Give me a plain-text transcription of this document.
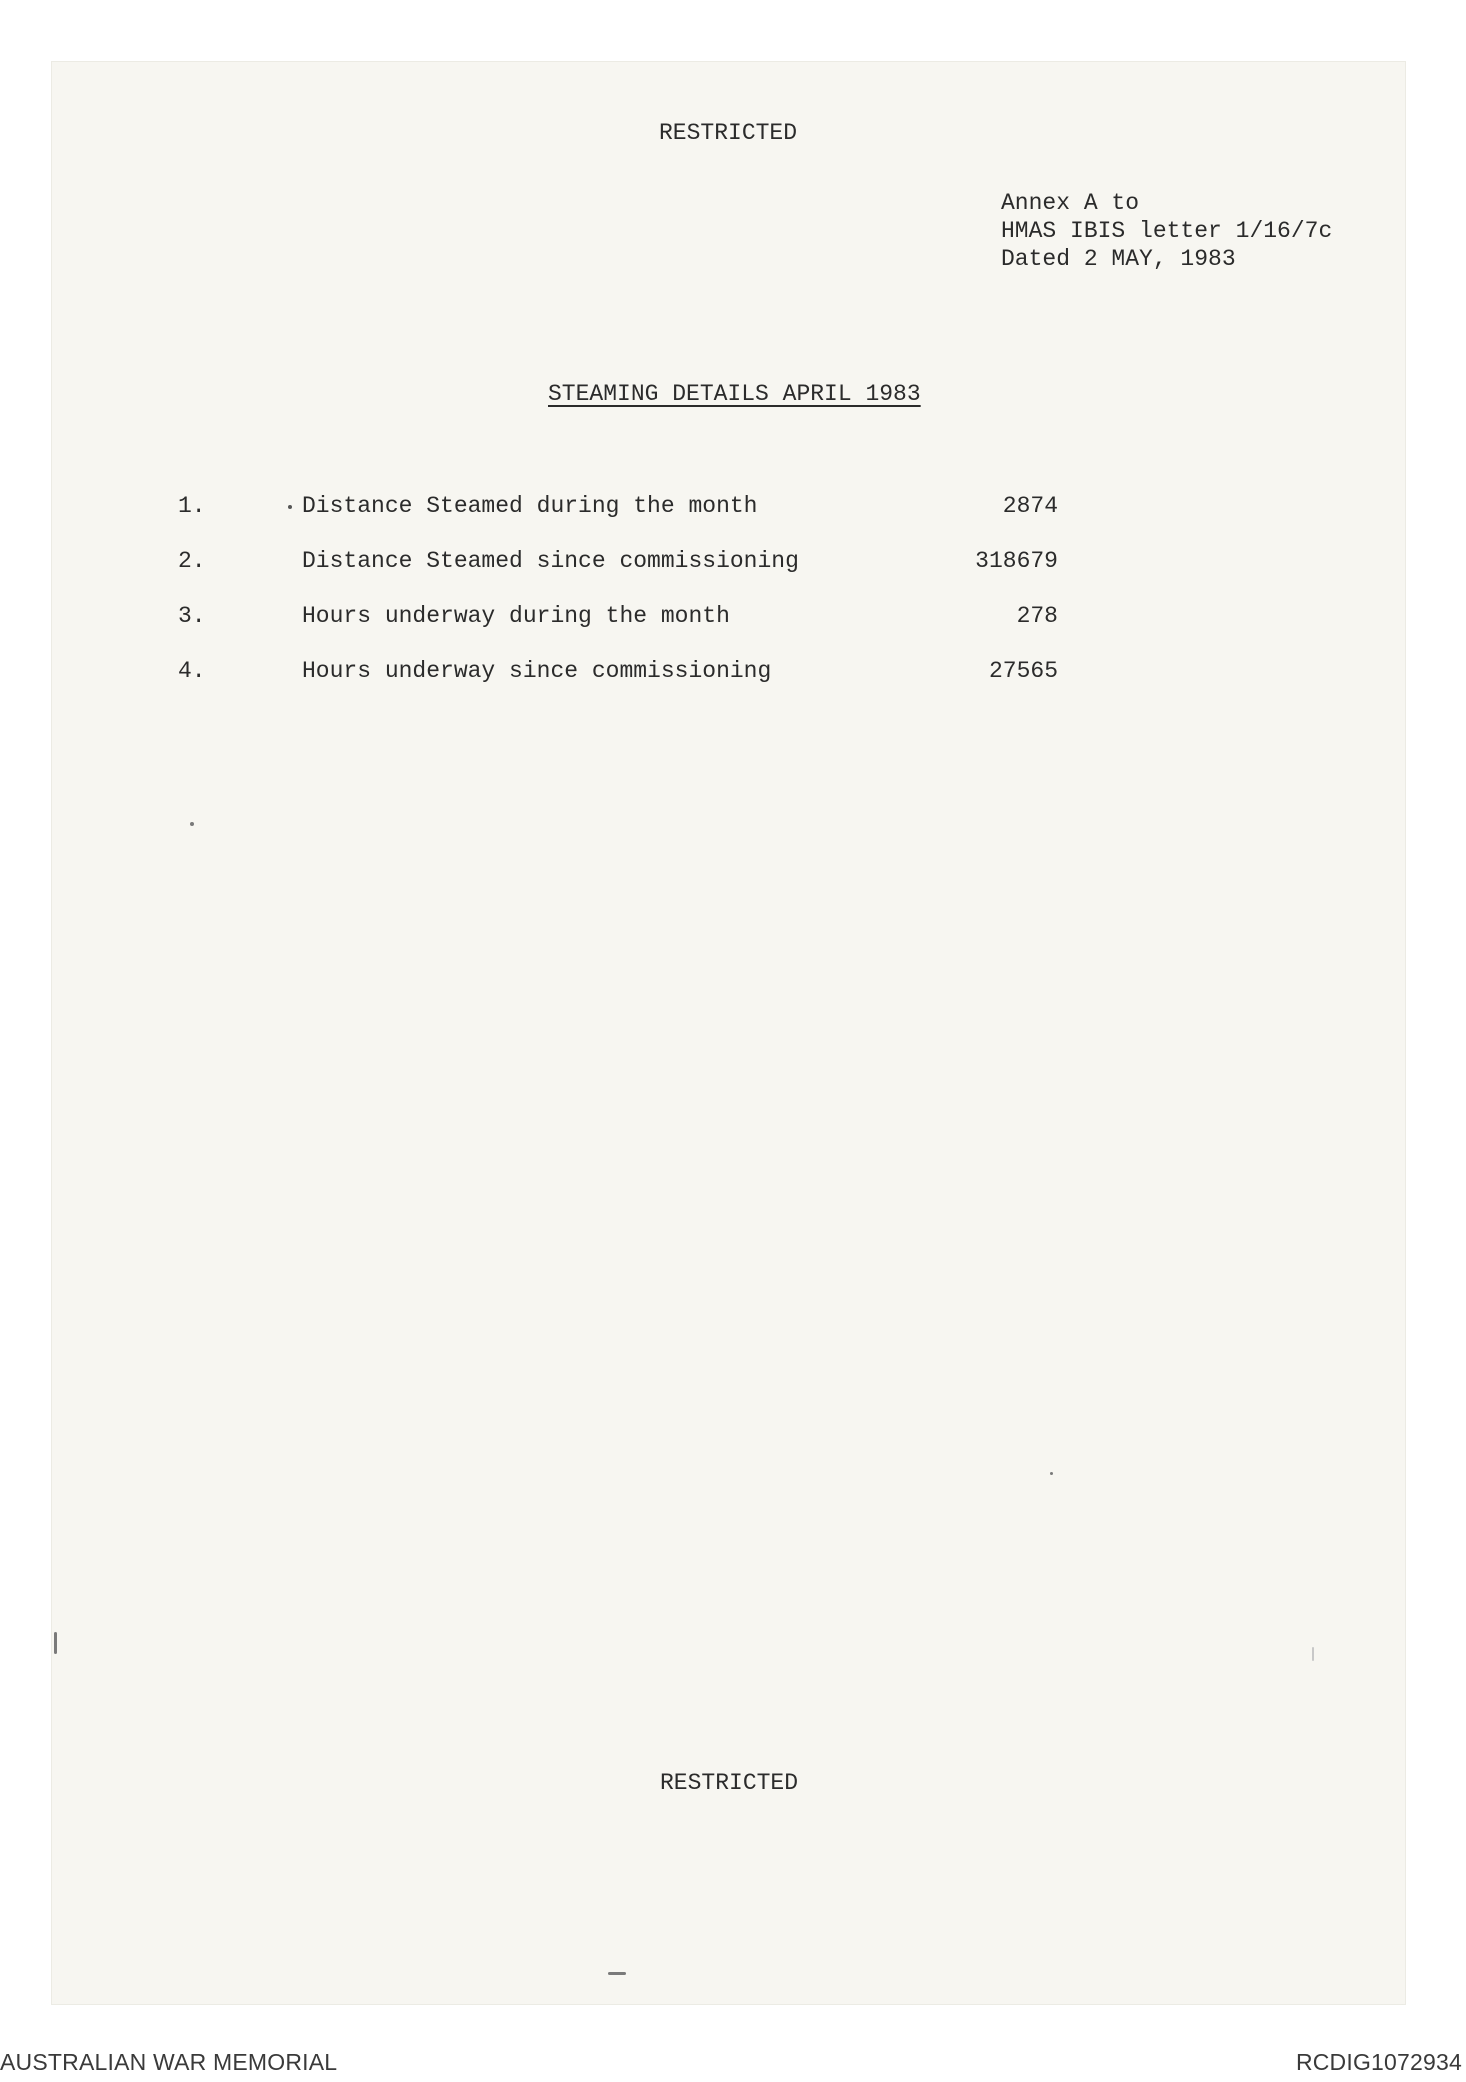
RESTRICTED
Annex A to
HMAS IBIS letter 1/16/7c
Dated 2 MAY, 1983
STEAMING DETAILS APRIL 1983
1.	Distance Steamed during the month	2874
2.	Distance Steamed since commissioning	318679
3.	Hours underway during the month	278
4.	Hours underway since commissioning	27565
RESTRICTED
AUSTRALIAN WAR MEMORIAL	RCDIG1072934
